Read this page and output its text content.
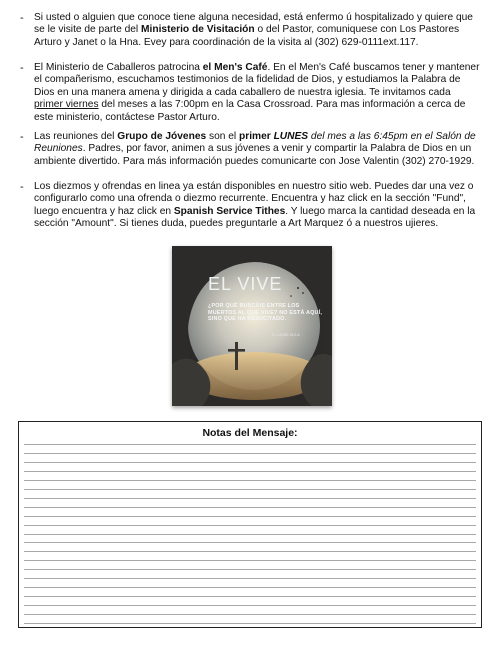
-	Si usted o alguien que conoce tiene alguna necesidad, está enfermo ú hospitalizado y quiere que se le visite de parte del Ministerio de Visitación o del Pastor, comuniquese con Los Pastores Arturo y Janet o la Hna. Evey para coordinación de la visita al (302) 629-0111ext.117.

-	El Ministerio de Caballeros patrocina el Men's Café. En el Men's Café buscamos tener y mantener el compañerismo, escuchamos testimonios de la fidelidad de Dios, y estudiamos la Palabra de Dios en una manera amena y dirigida a cada caballero de nuestra iglesia. Te invitamos cada primer viernes del meses a las 7:00pm en la Casa Crossroad. Para mas información a cerca de este ministerio, contáctese Pastor Arturo.

-	Las reuniones del Grupo de Jóvenes son el primer LUNES del mes a las 6:45pm en el Salón de Reuniones. Padres, por favor, animen a sus jóvenes a venir y compartir la Palabra de Dios en un ambiente divertido. Para más información puedes comunicarte con Jose Valentin (302) 270-1929.

-	Los diezmos y ofrendas en linea ya están disponibles en nuestro sitio web. Puedes dar una vez o configurarlo como una ofrenda o diezmo recurrente. Encuentra y haz click en la sección "Fund", luego encuentra y haz click en Spanish Service Tithes. Y luego marca la cantidad deseada en la sección "Amount". Si tienes duda, puedes preguntarle a Art Marquez ó a nuestros ujieres.

EL VIVE
¿POR QUÉ BUSCÁIS ENTRE LOS MUERTOS AL QUE VIVE? NO ESTÁ AQUÍ, SINO QUE HA RESUCITADO.
S. LUCAS 24:5-6
Notas del Mensaje:
